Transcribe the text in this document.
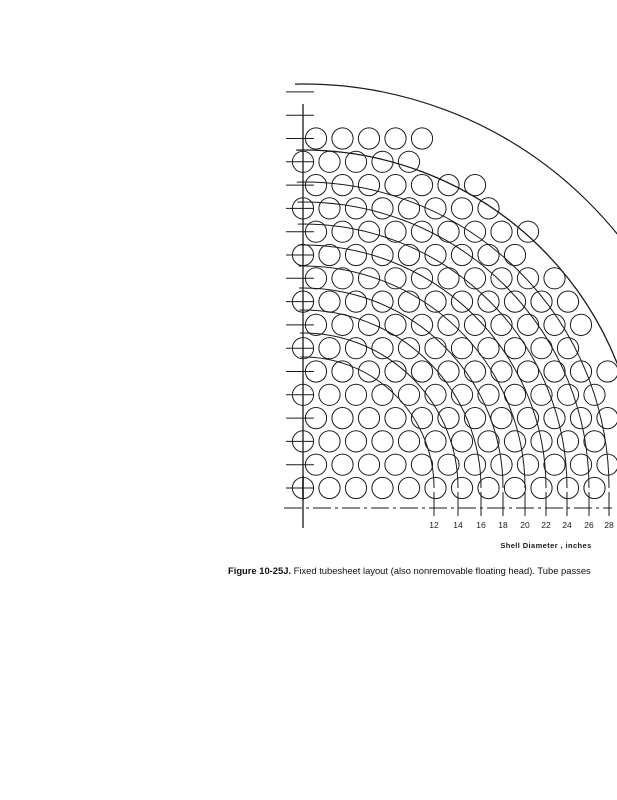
12 14 16 18 20 22 24 26 28
Shell Diameter , inches
Figure 10-25J. Fixed tubesheet layout (also nonremovable floating head). Tube passes
